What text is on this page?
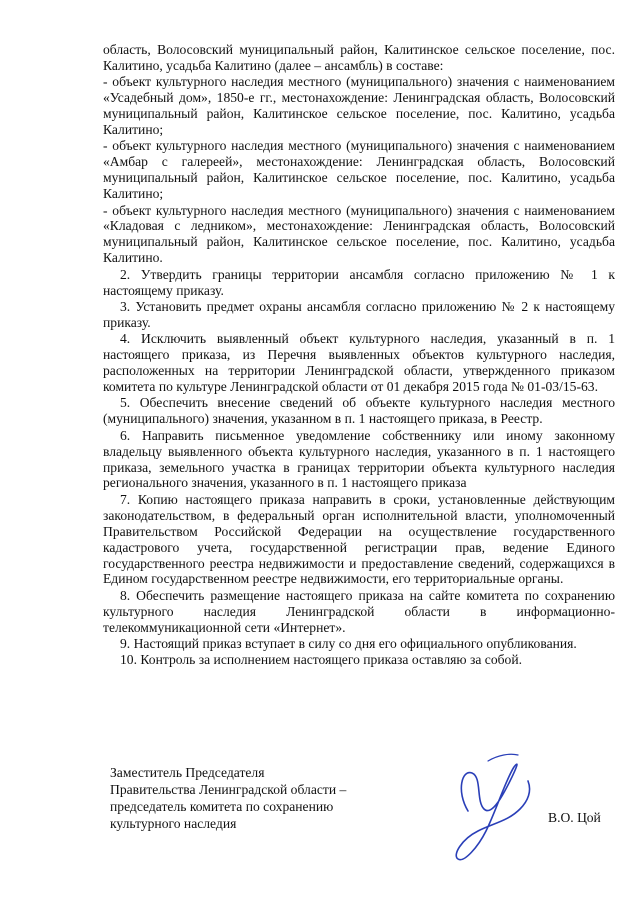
область, Волосовский муниципальный район, Калитинское сельское поселение, пос. Калитино, усадьба Калитино (далее – ансамбль) в составе:

- объект культурного наследия местного (муниципального) значения с наименованием «Усадебный дом», 1850-е гг., местонахождение: Ленинградская область, Волосовский муниципальный район, Калитинское сельское поселение, пос. Калитино, усадьба Калитино;

- объект культурного наследия местного (муниципального) значения с наименованием «Амбар с галереей», местонахождение: Ленинградская область, Волосовский муниципальный район, Калитинское сельское поселение, пос. Калитино, усадьба Калитино;

- объект культурного наследия местного (муниципального) значения с наименованием «Кладовая с ледником», местонахождение: Ленинградская область, Волосовский муниципальный район, Калитинское сельское поселение, пос. Калитино, усадьба Калитино.

2. Утвердить границы территории ансамбля согласно приложению № 1 к настоящему приказу.

3. Установить предмет охраны ансамбля согласно приложению № 2 к настоящему приказу.

4. Исключить выявленный объект культурного наследия, указанный в п. 1 настоящего приказа, из Перечня выявленных объектов культурного наследия, расположенных на территории Ленинградской области, утвержденного приказом комитета по культуре Ленинградской области от 01 декабря 2015 года № 01-03/15-63.

5. Обеспечить внесение сведений об объекте культурного наследия местного (муниципального) значения, указанном в п. 1 настоящего приказа, в Реестр.

6. Направить письменное уведомление собственнику или иному законному владельцу выявленного объекта культурного наследия, указанного в п. 1 настоящего приказа, земельного участка в границах территории объекта культурного наследия регионального значения, указанного в п. 1 настоящего приказа

7. Копию настоящего приказа направить в сроки, установленные действующим законодательством, в федеральный орган исполнительной власти, уполномоченный Правительством Российской Федерации на осуществление государственного кадастрового учета, государственной регистрации прав, ведение Единого государственного реестра недвижимости и предоставление сведений, содержащихся в Едином государственном реестре недвижимости, его территориальные органы.

8. Обеспечить размещение настоящего приказа на сайте комитета по сохранению культурного наследия Ленинградской области в информационно-телекоммуникационной сети «Интернет».

9. Настоящий приказ вступает в силу со дня его официального опубликования.

10. Контроль за исполнением настоящего приказа оставляю за собой.

Заместитель Председателя
Правительства Ленинградской области –
председатель комитета по сохранению
культурного наследия	В.О. Цой
